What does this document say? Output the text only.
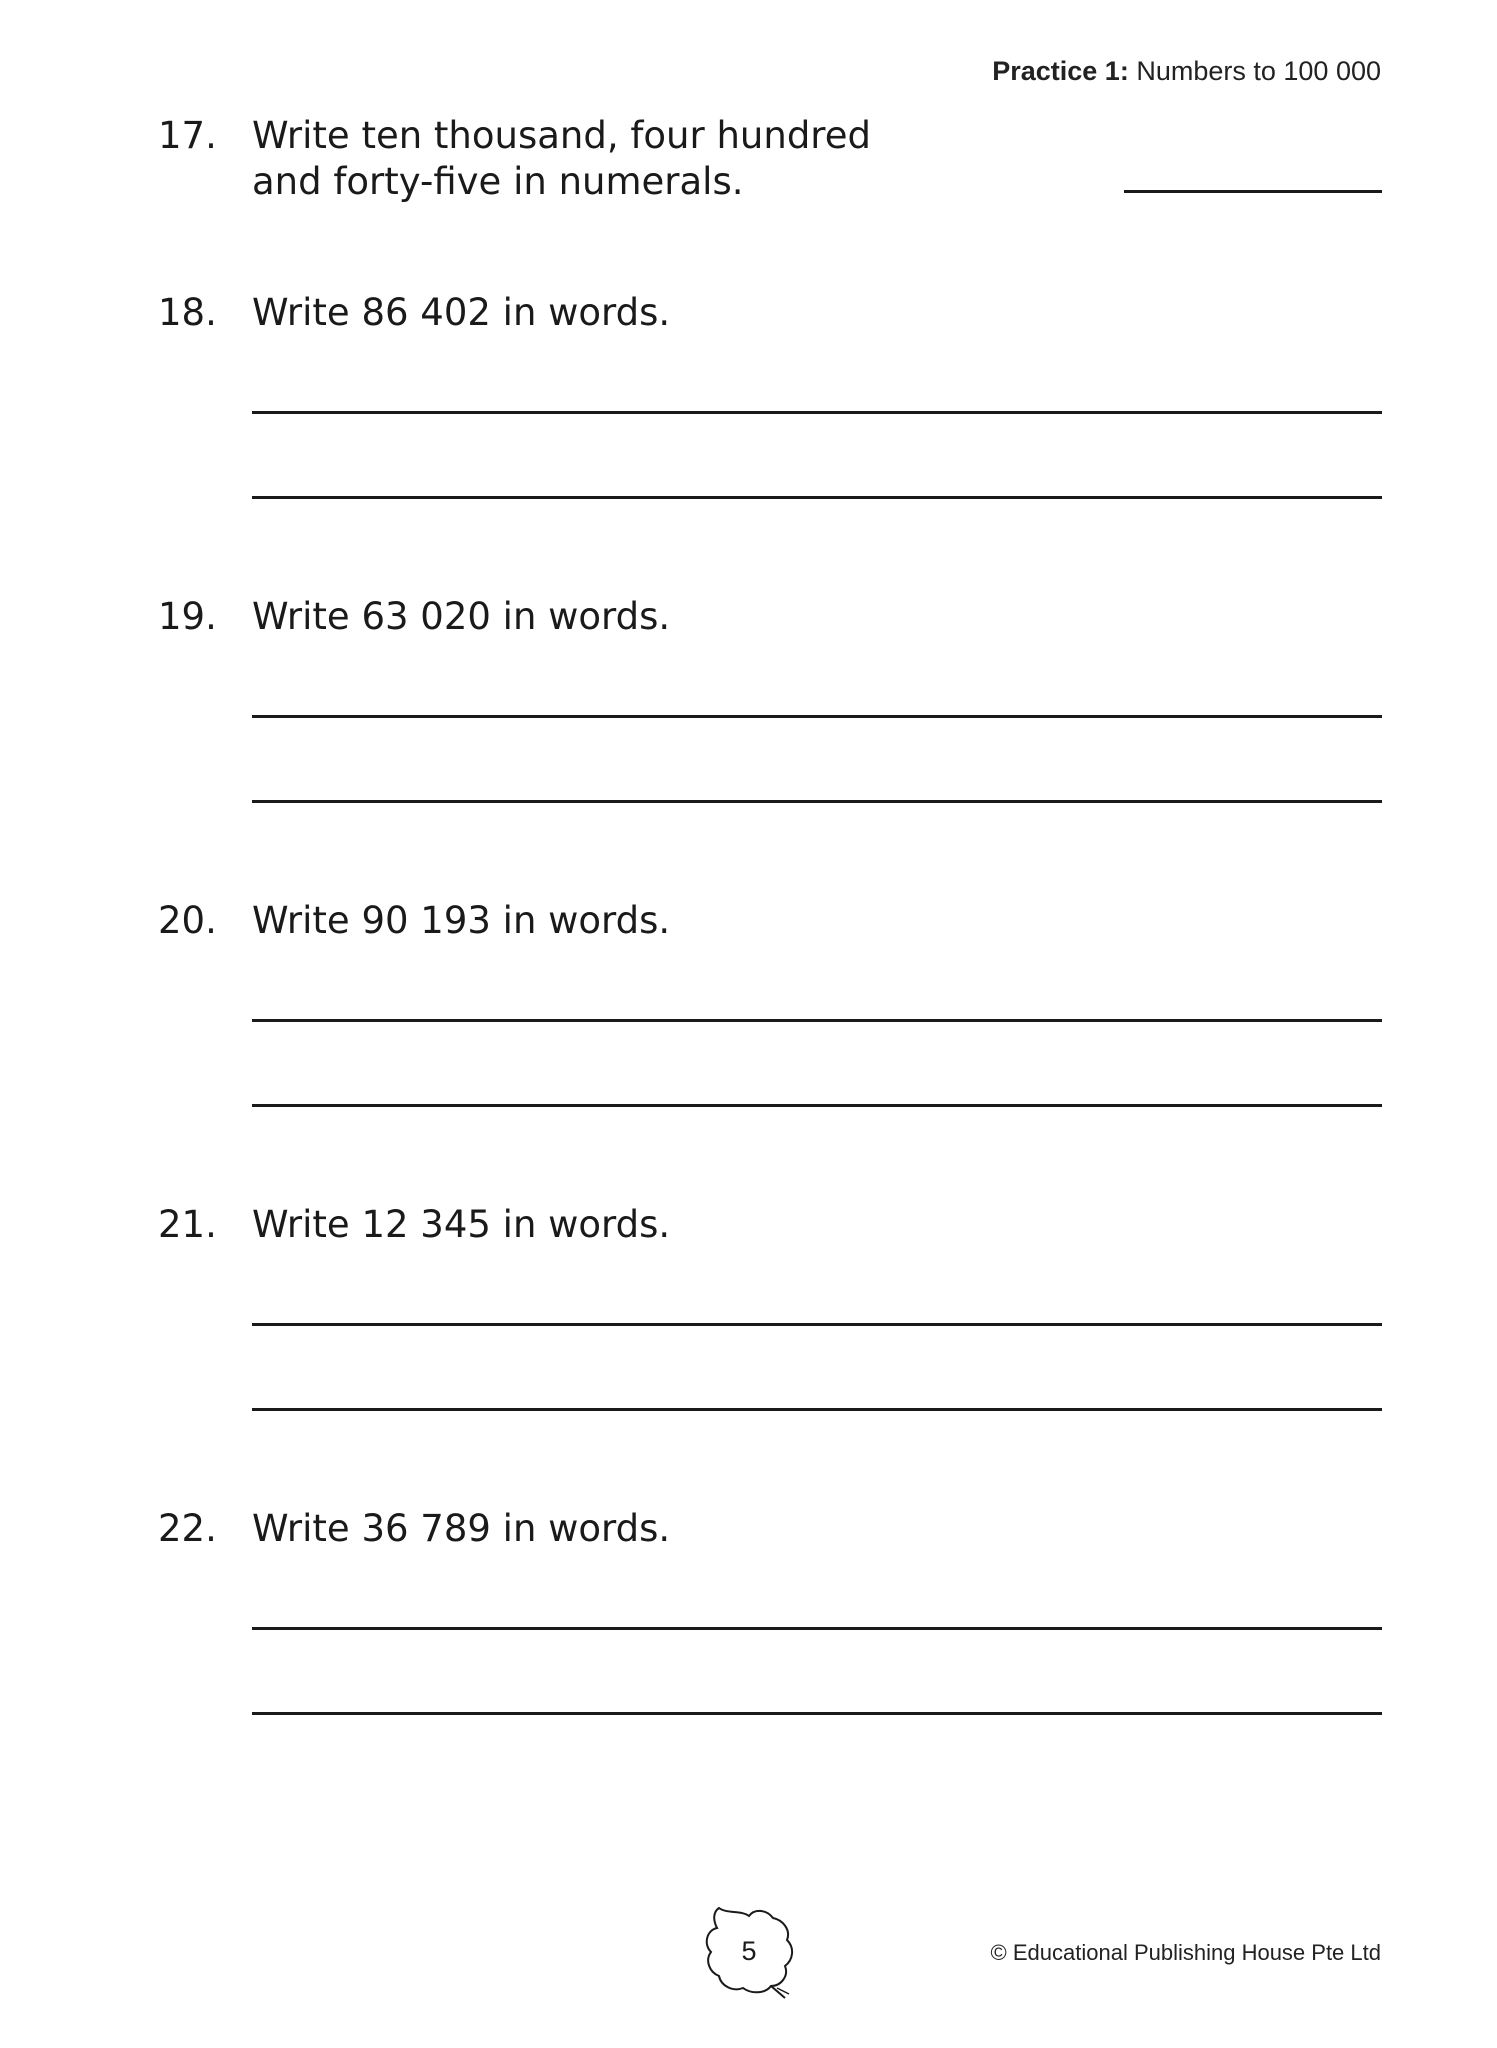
Practice 1: Numbers to 100 000
17. Write ten thousand, four hundred
and forty-five in numerals.
18. Write 86 402 in words.
19. Write 63 020 in words.
20. Write 90 193 in words.
21. Write 12 345 in words.
22. Write 36 789 in words.
5	© Educational Publishing House Pte Ltd
